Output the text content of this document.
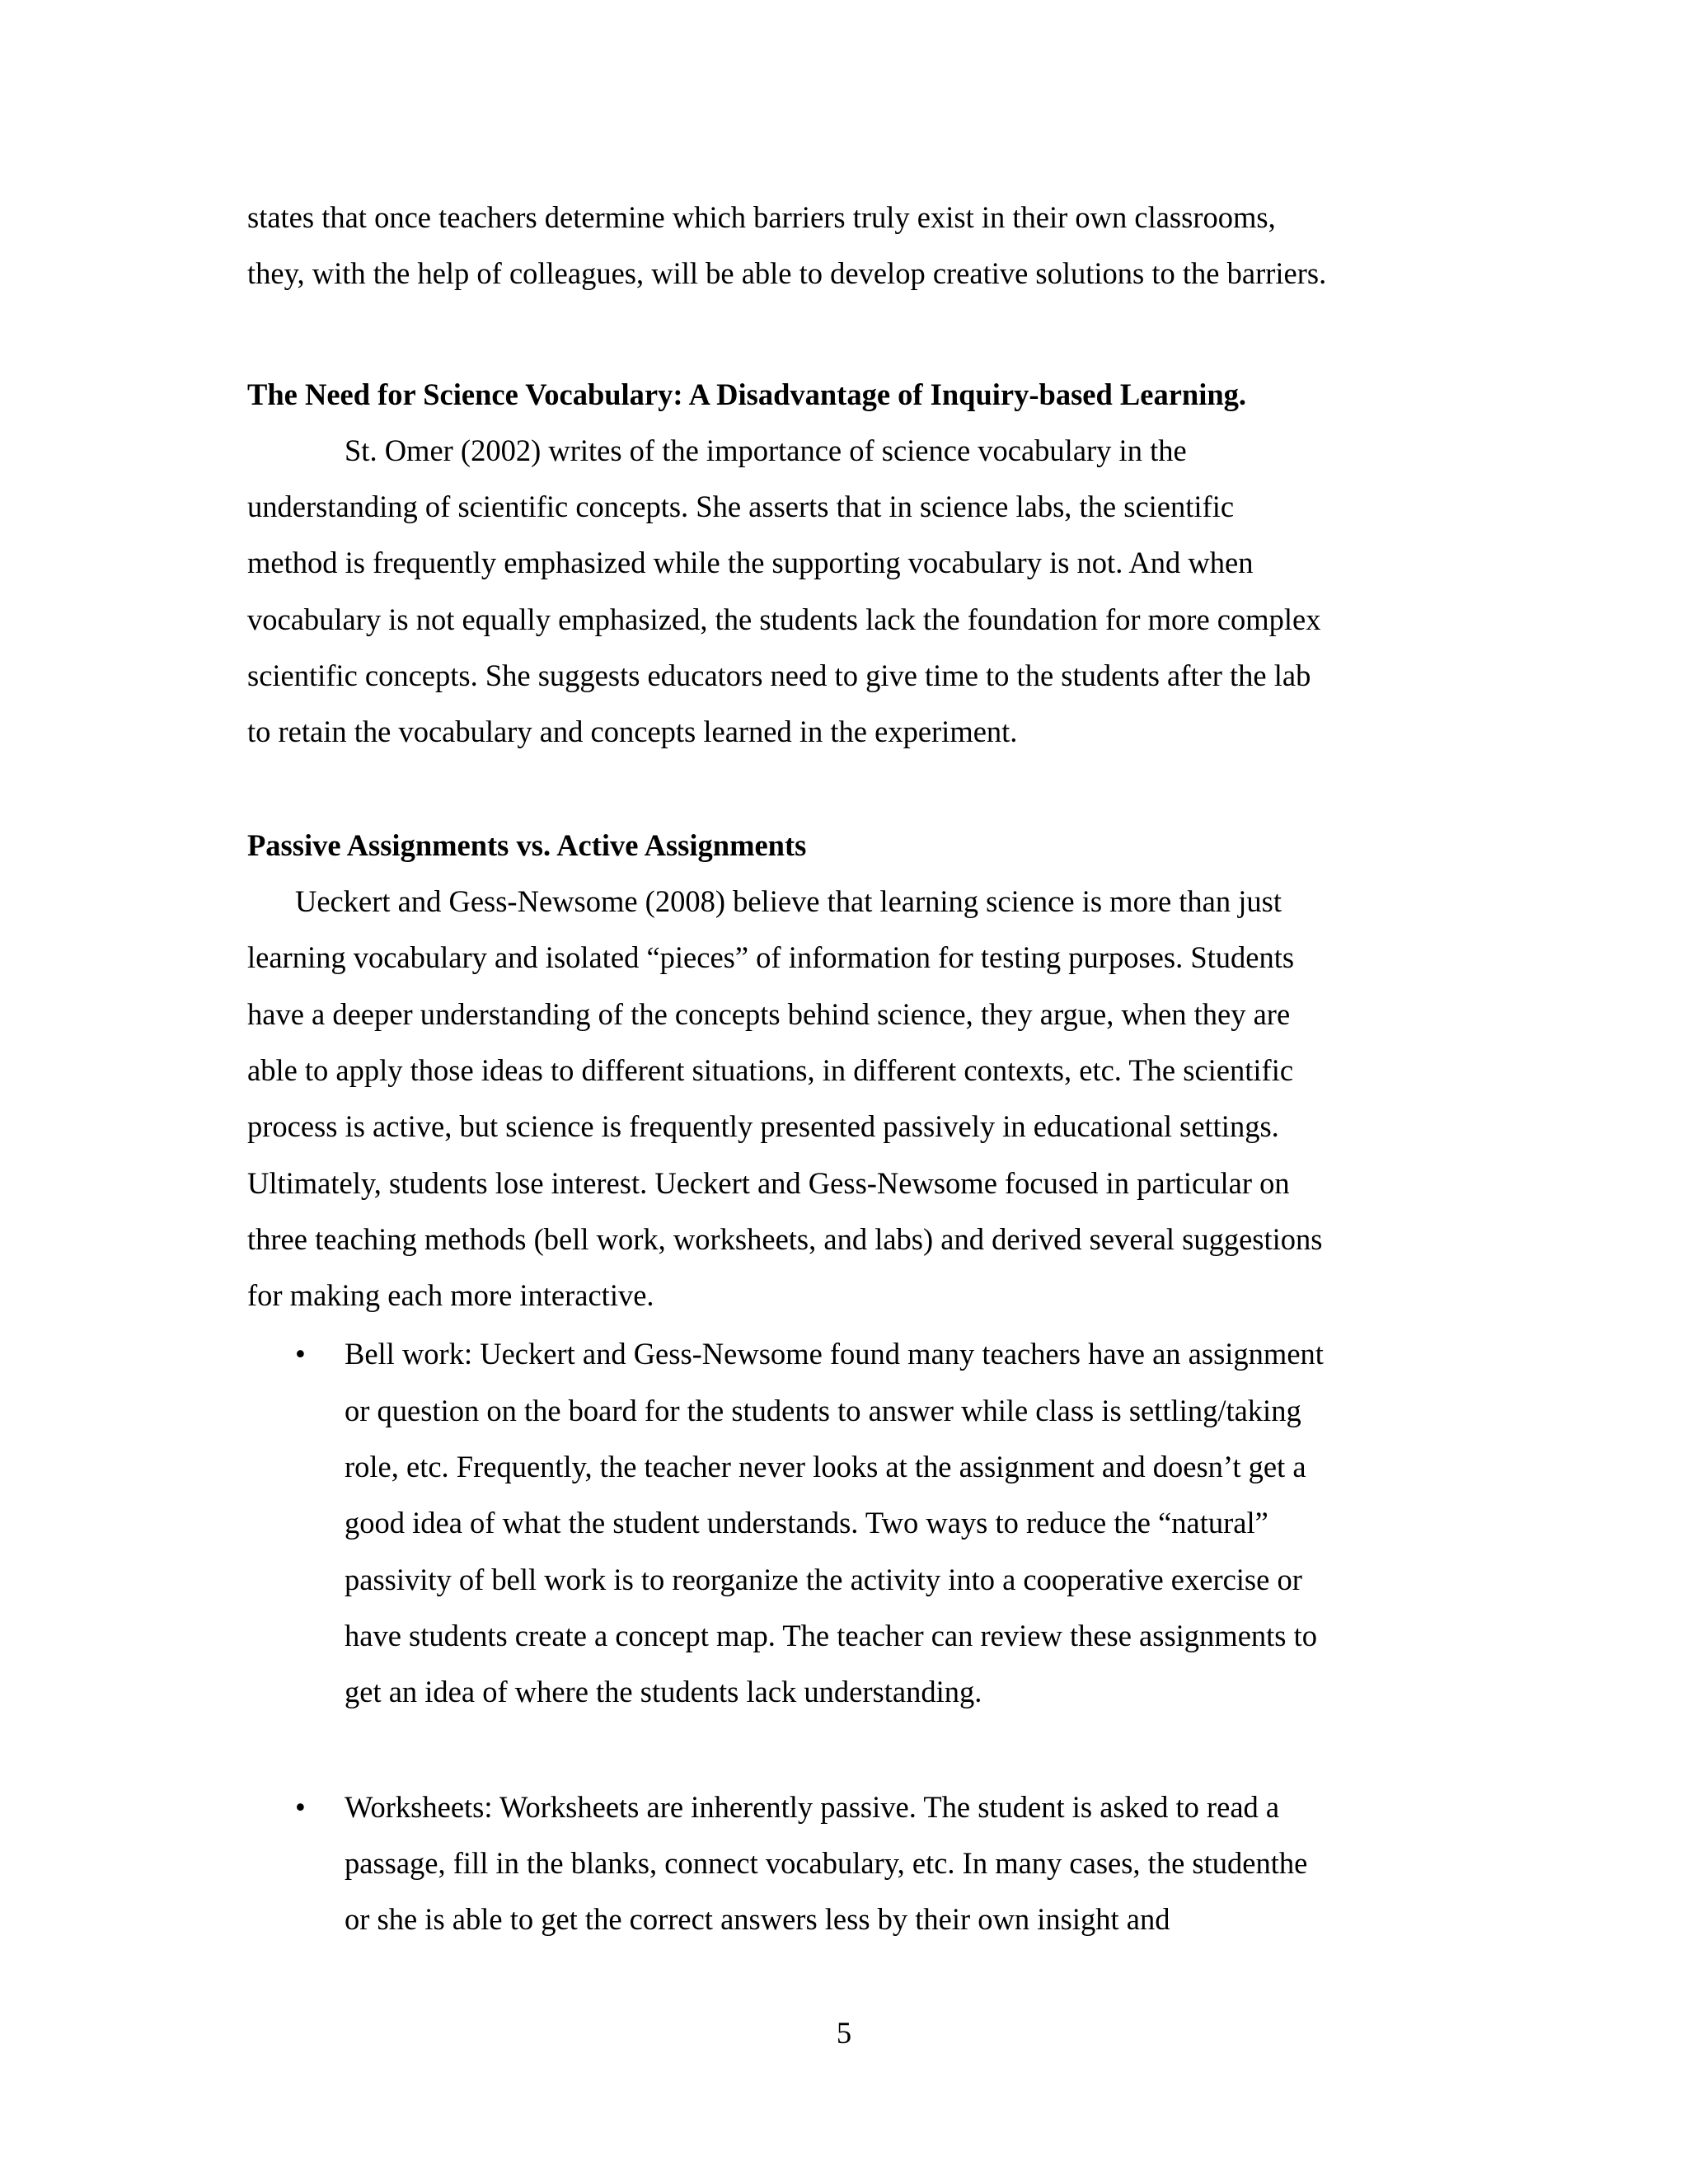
states that once teachers determine which barriers truly exist in their own classrooms,

they, with the help of colleagues, will be able to develop creative solutions to the barriers.

The Need for Science Vocabulary: A Disadvantage of Inquiry-based Learning.

St. Omer (2002) writes of the importance of science vocabulary in the

understanding of scientific concepts. She asserts that in science labs, the scientific

method is frequently emphasized while the supporting vocabulary is not. And when

vocabulary is not equally emphasized, the students lack the foundation for more complex

scientific concepts. She suggests educators need to give time to the students after the lab

to retain the vocabulary and concepts learned in the experiment.

Passive Assignments vs. Active Assignments

Ueckert and Gess-Newsome (2008) believe that learning science is more than just

learning vocabulary and isolated “pieces” of information for testing purposes. Students

have a deeper understanding of the concepts behind science, they argue, when they are

able to apply those ideas to different situations, in different contexts, etc. The scientific

process is active, but science is frequently presented passively in educational settings.

Ultimately, students lose interest. Ueckert and Gess-Newsome focused in particular on

three teaching methods (bell work, worksheets, and labs) and derived several suggestions

for making each more interactive.

• Bell work: Ueckert and Gess-Newsome found many teachers have an assignment

or question on the board for the students to answer while class is settling/taking

role, etc. Frequently, the teacher never looks at the assignment and doesn’t get a

good idea of what the student understands. Two ways to reduce the “natural”

passivity of bell work is to reorganize the activity into a cooperative exercise or

have students create a concept map. The teacher can review these assignments to

get an idea of where the students lack understanding.

• Worksheets: Worksheets are inherently passive. The student is asked to read a

passage, fill in the blanks, connect vocabulary, etc. In many cases, the studenthe

or she is able to get the correct answers less by their own insight and

5
